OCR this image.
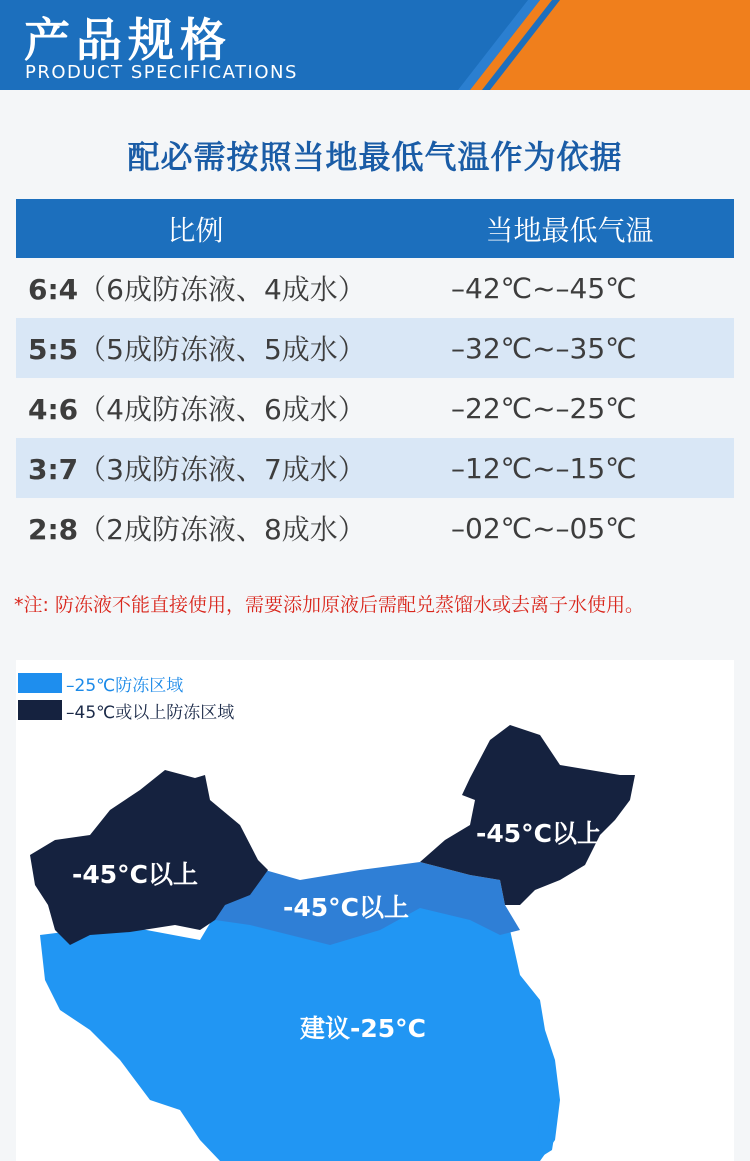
产品规格
PRODUCT SPECIFICATIONS
配必需按照当地最低气温作为依据
比例	当地最低气温
6:4（6成防冻液、4成水）	–42℃~–45℃
5:5（5成防冻液、5成水）	–32℃~–35℃
4:6（4成防冻液、6成水）	–22℃~–25℃
3:7（3成防冻液、7成水）	–12℃~–15℃
2:8（2成防冻液、8成水）	–02℃~–05℃
*注: 防冻液不能直接使用，需要添加原液后需配兑蒸馏水或去离子水使用。
-45°C以上
-45°C以上
-45°C以上
建议-25°C
–25℃防冻区域
–45℃或以上防冻区域
